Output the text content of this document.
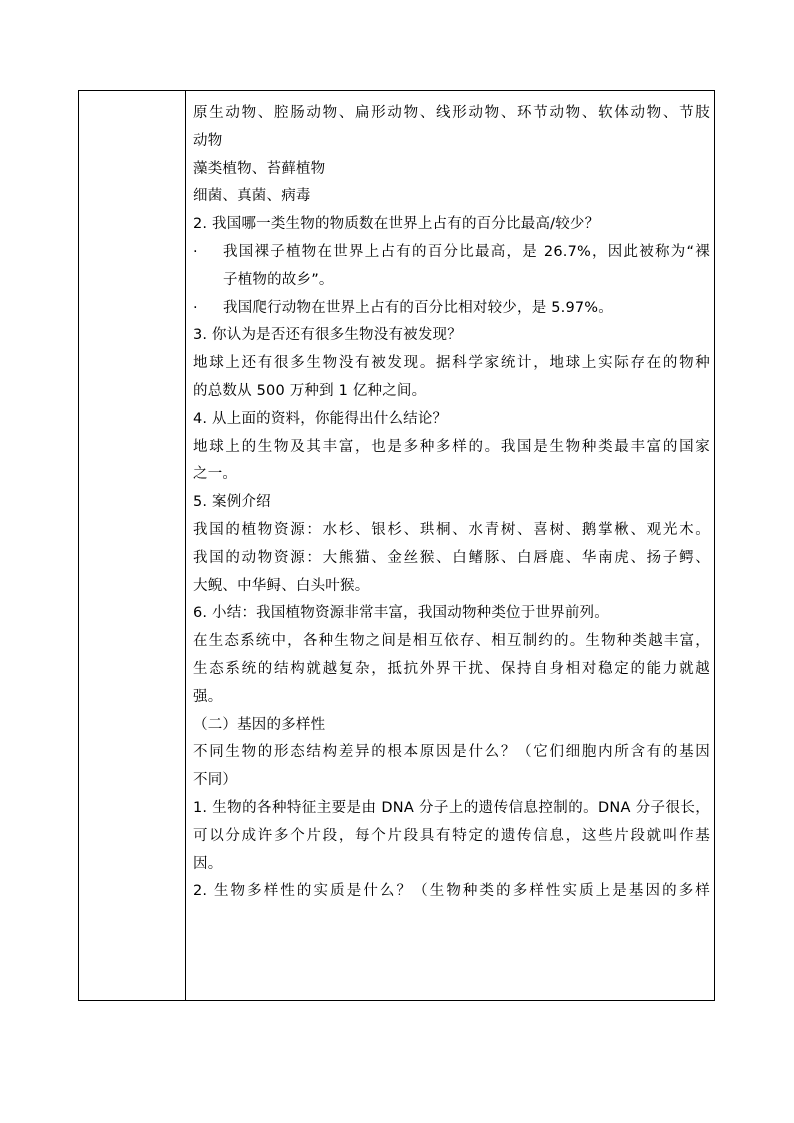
原生动物、腔肠动物、扁形动物、线形动物、环节动物、软体动物、节肢
动物
藻类植物、苔藓植物
细菌、真菌、病毒
2. 我国哪一类生物的物质数在世界上占有的百分比最高/较少？
·	我国裸子植物在世界上占有的百分比最高，是 26.7%，因此被称为“裸
子植物的故乡”。
·	我国爬行动物在世界上占有的百分比相对较少，是 5.97%。
3. 你认为是否还有很多生物没有被发现？
地球上还有很多生物没有被发现。据科学家统计，地球上实际存在的物种
的总数从 500 万种到 1 亿种之间。
4. 从上面的资料，你能得出什么结论？
地球上的生物及其丰富，也是多种多样的。我国是生物种类最丰富的国家
之一。
5. 案例介绍
我国的植物资源：水杉、银杉、珙桐、水青树、喜树、鹅掌楸、观光木。
我国的动物资源：大熊猫、金丝猴、白鳍豚、白唇鹿、华南虎、扬子鳄、
大鲵、中华鲟、白头叶猴。
6. 小结：我国植物资源非常丰富，我国动物种类位于世界前列。
在生态系统中，各种生物之间是相互依存、相互制约的。生物种类越丰富，
生态系统的结构就越复杂，抵抗外界干扰、保持自身相对稳定的能力就越
强。
（二）基因的多样性
不同生物的形态结构差异的根本原因是什么？（它们细胞内所含有的基因
不同）
1. 生物的各种特征主要是由 DNA 分子上的遗传信息控制的。DNA 分子很长，
可以分成许多个片段，每个片段具有特定的遗传信息，这些片段就叫作基
因。
2. 生物多样性的实质是什么？（生物种类的多样性实质上是基因的多样
